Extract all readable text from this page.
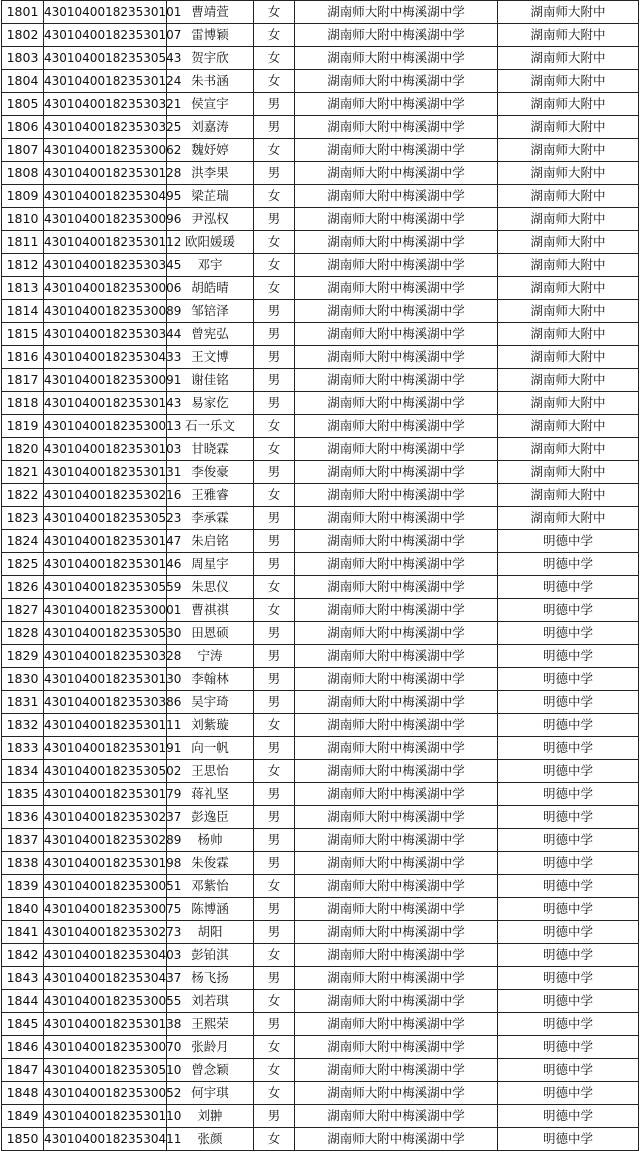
1801	430104001823530101	曹靖萱	女	湖南师大附中梅溪湖中学	湖南师大附中
1802	430104001823530107	雷博颖	女	湖南师大附中梅溪湖中学	湖南师大附中
1803	430104001823530543	贺宇欣	女	湖南师大附中梅溪湖中学	湖南师大附中
1804	430104001823530124	朱书涵	女	湖南师大附中梅溪湖中学	湖南师大附中
1805	430104001823530321	侯宣宇	男	湖南师大附中梅溪湖中学	湖南师大附中
1806	430104001823530325	刘嘉涛	男	湖南师大附中梅溪湖中学	湖南师大附中
1807	430104001823530062	魏妤婷	女	湖南师大附中梅溪湖中学	湖南师大附中
1808	430104001823530128	洪李果	男	湖南师大附中梅溪湖中学	湖南师大附中
1809	430104001823530495	梁芷瑞	女	湖南师大附中梅溪湖中学	湖南师大附中
1810	430104001823530096	尹泓权	男	湖南师大附中梅溪湖中学	湖南师大附中
1811	430104001823530112	欧阳媛瑗	女	湖南师大附中梅溪湖中学	湖南师大附中
1812	430104001823530345	邓宇	女	湖南师大附中梅溪湖中学	湖南师大附中
1813	430104001823530006	胡皓晴	女	湖南师大附中梅溪湖中学	湖南师大附中
1814	430104001823530089	邹锫泽	男	湖南师大附中梅溪湖中学	湖南师大附中
1815	430104001823530344	曾宪弘	男	湖南师大附中梅溪湖中学	湖南师大附中
1816	430104001823530433	王文博	男	湖南师大附中梅溪湖中学	湖南师大附中
1817	430104001823530091	谢佳铭	男	湖南师大附中梅溪湖中学	湖南师大附中
1818	430104001823530143	易家仡	男	湖南师大附中梅溪湖中学	湖南师大附中
1819	430104001823530013	石一乐文	女	湖南师大附中梅溪湖中学	湖南师大附中
1820	430104001823530103	甘晓霖	女	湖南师大附中梅溪湖中学	湖南师大附中
1821	430104001823530131	李俊豪	男	湖南师大附中梅溪湖中学	湖南师大附中
1822	430104001823530216	王雅睿	女	湖南师大附中梅溪湖中学	湖南师大附中
1823	430104001823530523	李承霖	男	湖南师大附中梅溪湖中学	湖南师大附中
1824	430104001823530147	朱启铭	男	湖南师大附中梅溪湖中学	明德中学
1825	430104001823530146	周星宇	男	湖南师大附中梅溪湖中学	明德中学
1826	430104001823530559	朱思仪	女	湖南师大附中梅溪湖中学	明德中学
1827	430104001823530001	曹祺祺	女	湖南师大附中梅溪湖中学	明德中学
1828	430104001823530530	田恩硕	男	湖南师大附中梅溪湖中学	明德中学
1829	430104001823530328	宁涛	男	湖南师大附中梅溪湖中学	明德中学
1830	430104001823530130	李翰林	男	湖南师大附中梅溪湖中学	明德中学
1831	430104001823530386	吴宇琦	男	湖南师大附中梅溪湖中学	明德中学
1832	430104001823530111	刘紫璇	女	湖南师大附中梅溪湖中学	明德中学
1833	430104001823530191	向一帆	男	湖南师大附中梅溪湖中学	明德中学
1834	430104001823530502	王思怡	女	湖南师大附中梅溪湖中学	明德中学
1835	430104001823530179	蒋礼坚	男	湖南师大附中梅溪湖中学	明德中学
1836	430104001823530237	彭逸臣	男	湖南师大附中梅溪湖中学	明德中学
1837	430104001823530289	杨帅	男	湖南师大附中梅溪湖中学	明德中学
1838	430104001823530198	朱俊霖	男	湖南师大附中梅溪湖中学	明德中学
1839	430104001823530051	邓紫怡	女	湖南师大附中梅溪湖中学	明德中学
1840	430104001823530075	陈博涵	男	湖南师大附中梅溪湖中学	明德中学
1841	430104001823530273	胡阳	男	湖南师大附中梅溪湖中学	明德中学
1842	430104001823530403	彭铂淇	女	湖南师大附中梅溪湖中学	明德中学
1843	430104001823530437	杨飞扬	男	湖南师大附中梅溪湖中学	明德中学
1844	430104001823530055	刘若琪	女	湖南师大附中梅溪湖中学	明德中学
1845	430104001823530138	王熙荣	男	湖南师大附中梅溪湖中学	明德中学
1846	430104001823530070	张龄月	女	湖南师大附中梅溪湖中学	明德中学
1847	430104001823530510	曾念颖	女	湖南师大附中梅溪湖中学	明德中学
1848	430104001823530052	何宇琪	女	湖南师大附中梅溪湖中学	明德中学
1849	430104001823530110	刘翀	男	湖南师大附中梅溪湖中学	明德中学
1850	430104001823530411	张颜	女	湖南师大附中梅溪湖中学	明德中学
